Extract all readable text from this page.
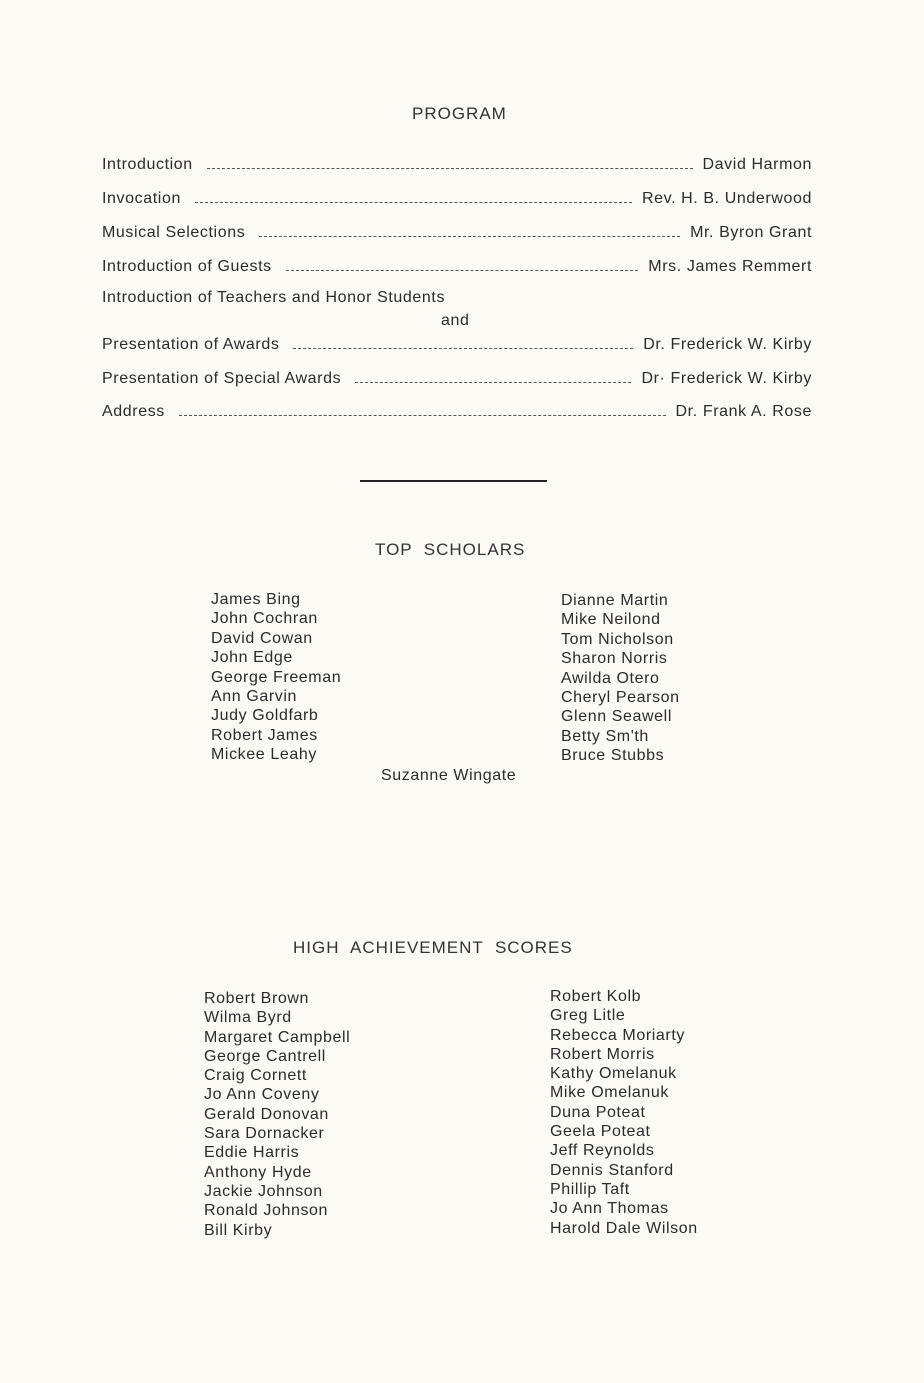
PROGRAM
Introduction	David Harmon
Invocation	Rev. H. B. Underwood
Musical Selections	Mr. Byron Grant
Introduction of Guests	Mrs. James Remmert
Introduction of Teachers and Honor Students
and
Presentation of Awards	Dr. Frederick W. Kirby
Presentation of Special Awards	Dr· Frederick W. Kirby
Address	Dr. Frank A. Rose
TOP  SCHOLARS
James Bing
John Cochran
David Cowan
John Edge
George Freeman
Ann Garvin
Judy Goldfarb
Robert James
Mickee Leahy
Dianne Martin
Mike Neilond
Tom Nicholson
Sharon Norris
Awilda Otero
Cheryl Pearson
Glenn Seawell
Betty Sm'th
Bruce Stubbs
Suzanne Wingate
HIGH  ACHIEVEMENT  SCORES
Robert Brown
Wilma Byrd
Margaret Campbell
George Cantrell
Craig Cornett
Jo Ann Coveny
Gerald Donovan
Sara Dornacker
Eddie Harris
Anthony Hyde
Jackie Johnson
Ronald Johnson
Bill Kirby
Robert Kolb
Greg Litle
Rebecca Moriarty
Robert Morris
Kathy Omelanuk
Mike Omelanuk
Duna Poteat
Geela Poteat
Jeff Reynolds
Dennis Stanford
Phillip Taft
Jo Ann Thomas
Harold Dale Wilson
